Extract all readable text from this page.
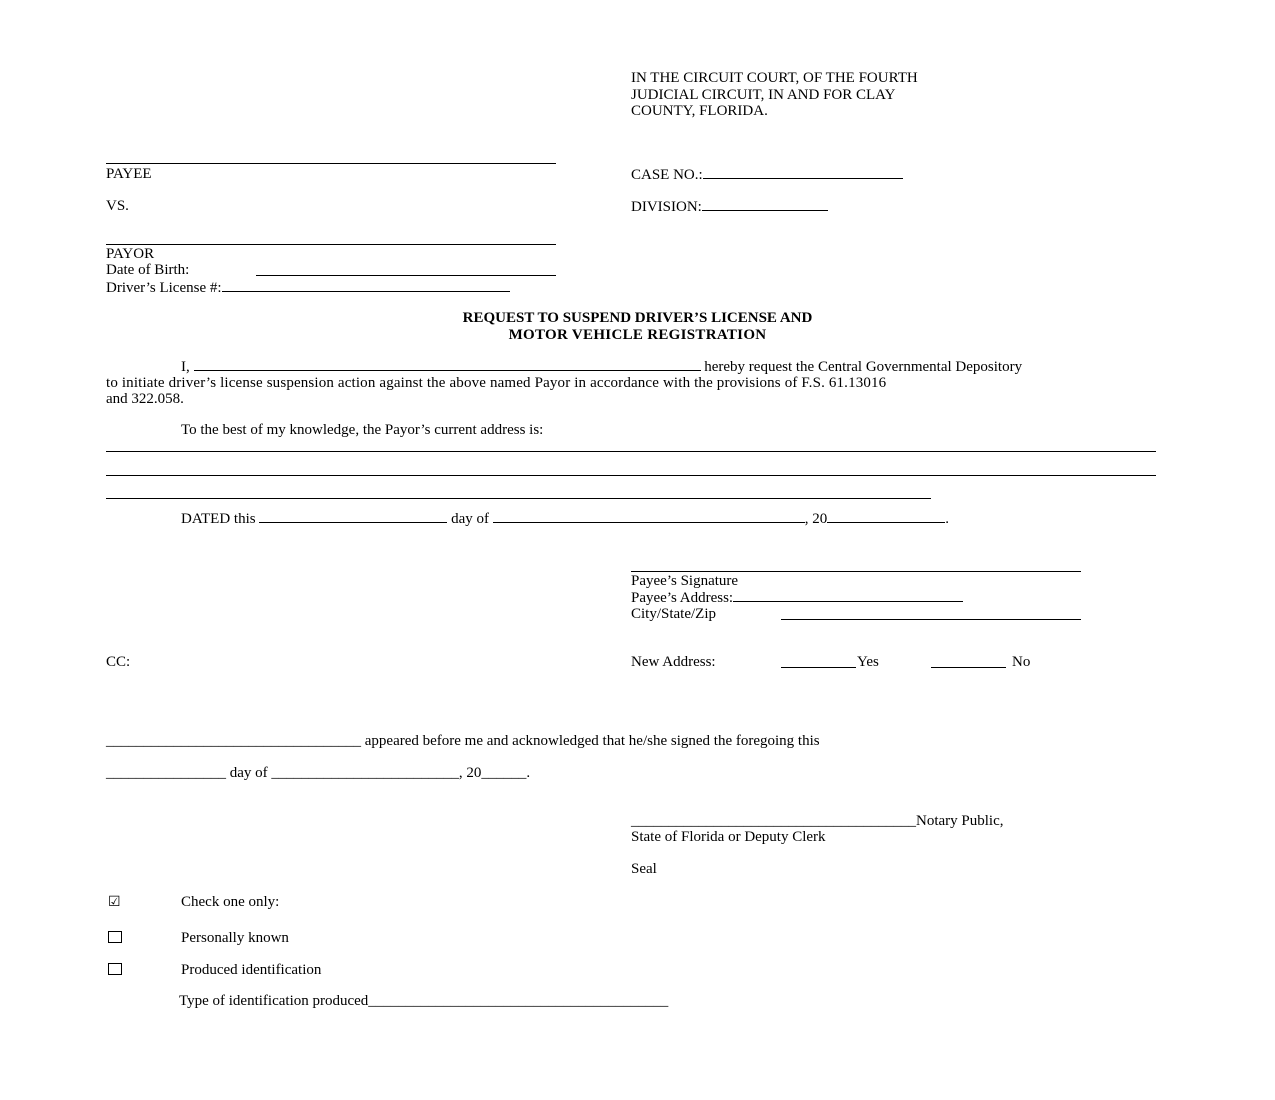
IN THE CIRCUIT COURT, OF THE FOURTH
JUDICIAL CIRCUIT, IN AND FOR CLAY
COUNTY, FLORIDA.
PAYEE	CASE NO.:
VS.	DIVISION:
PAYOR
Date of Birth:
Driver’s License #:
REQUEST TO SUSPEND DRIVER’S LICENSE AND
MOTOR VEHICLE REGISTRATION
I,	hereby request the Central Governmental Depository
to initiate driver’s license suspension action against the above named Payor in accordance with the provisions of F.S. 61.13016
and 322.058.
To the best of my knowledge, the Payor’s current address is:
DATED this	day of	, 20	.
Payee’s Signature
Payee’s Address:
City/State/Zip
CC:	New Address:	Yes	No
__________________________________ appeared before me and acknowledged that he/she signed the foregoing this
________________ day of _________________________, 20______.
______________________________________Notary Public,
State of Florida or Deputy Clerk
Seal
☑	Check one only:
Personally known
Produced identification
Type of identification produced________________________________________
